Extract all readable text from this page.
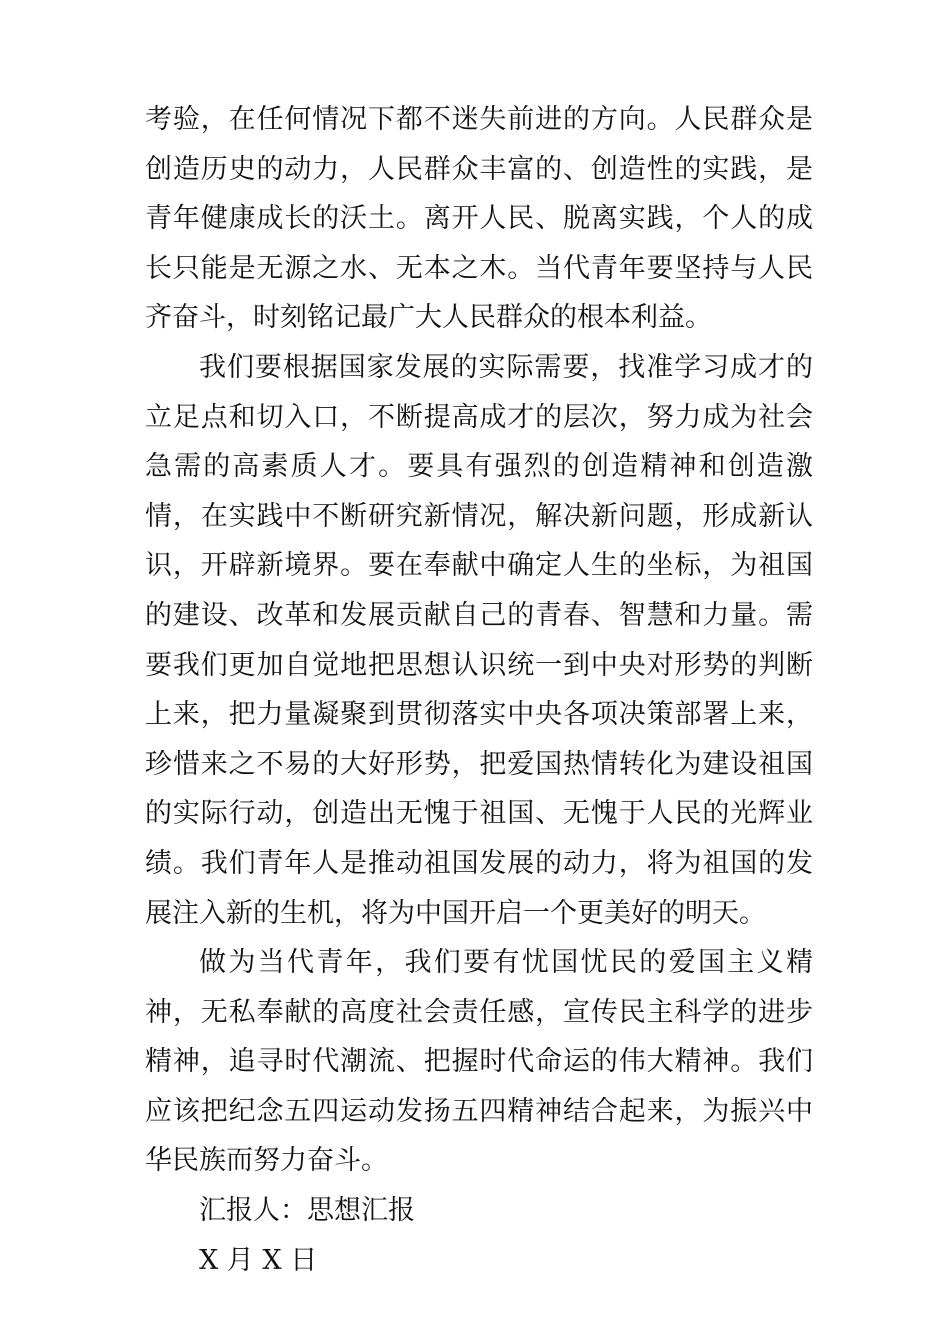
考验，在任何情况下都不迷失前进的方向。人民群众是创造历史的动力，人民群众丰富的、创造性的实践，是青年健康成长的沃土。离开人民、脱离实践，个人的成长只能是无源之水、无本之木。当代青年要坚持与人民齐奋斗，时刻铭记最广大人民群众的根本利益。

我们要根据国家发展的实际需要，找准学习成才的立足点和切入口，不断提高成才的层次，努力成为社会急需的高素质人才。要具有强烈的创造精神和创造激情，在实践中不断研究新情况，解决新问题，形成新认识，开辟新境界。要在奉献中确定人生的坐标，为祖国的建设、改革和发展贡献自己的青春、智慧和力量。需要我们更加自觉地把思想认识统一到中央对形势的判断上来，把力量凝聚到贯彻落实中央各项决策部署上来，珍惜来之不易的大好形势，把爱国热情转化为建设祖国的实际行动，创造出无愧于祖国、无愧于人民的光辉业绩。我们青年人是推动祖国发展的动力，将为祖国的发展注入新的生机，将为中国开启一个更美好的明天。

做为当代青年，我们要有忧国忧民的爱国主义精神，无私奉献的高度社会责任感，宣传民主科学的进步精神，追寻时代潮流、把握时代命运的伟大精神。我们应该把纪念五四运动发扬五四精神结合起来，为振兴中华民族而努力奋斗。

汇报人：思想汇报

X 月 X 日
